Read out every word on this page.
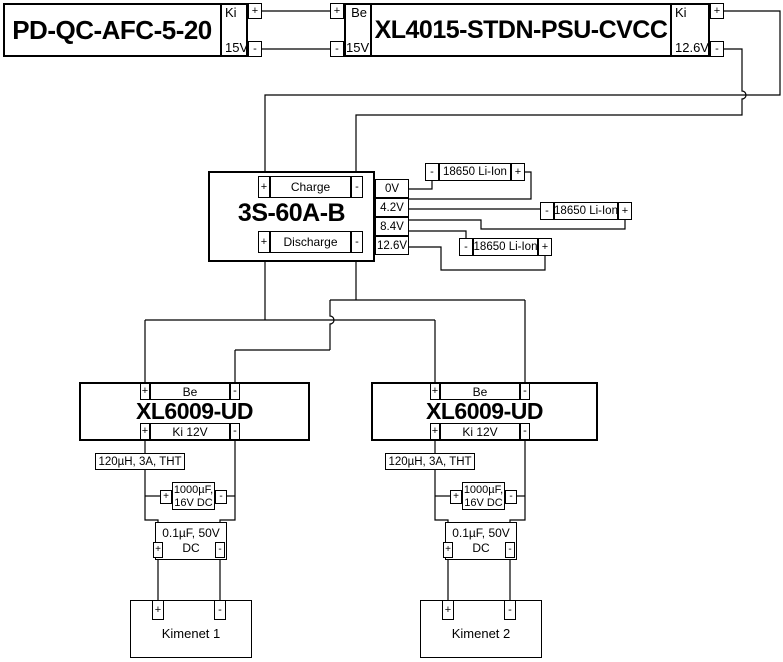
PD-QC-AFC-5-20
Ki
15V
+
-
+
-
Be
15V
XL4015-STDN-PSU-CVCC
Ki
12.6V
+
-
+	Charge	-
3S-60A-B
+	Discharge	-
0V
4.2V
8.4V
12.6V
- 18650 Li-Ion +
- 18650 Li-Ion +
- 18650 Li-Ion +
+	Be	-
XL6009-UD
+	Ki 12V	-
+	Be	-
XL6009-UD
+	Ki 12V	-
120µH, 3A, THT	120µH, 3A, THT
1000µF,
16V DC
+	-
1000µF,
16V DC
+	-
0.1µF, 50V
DC
+	-
0.1µF, 50V
DC
+	-
+	-
Kimenet 1
+	-
Kimenet 2
